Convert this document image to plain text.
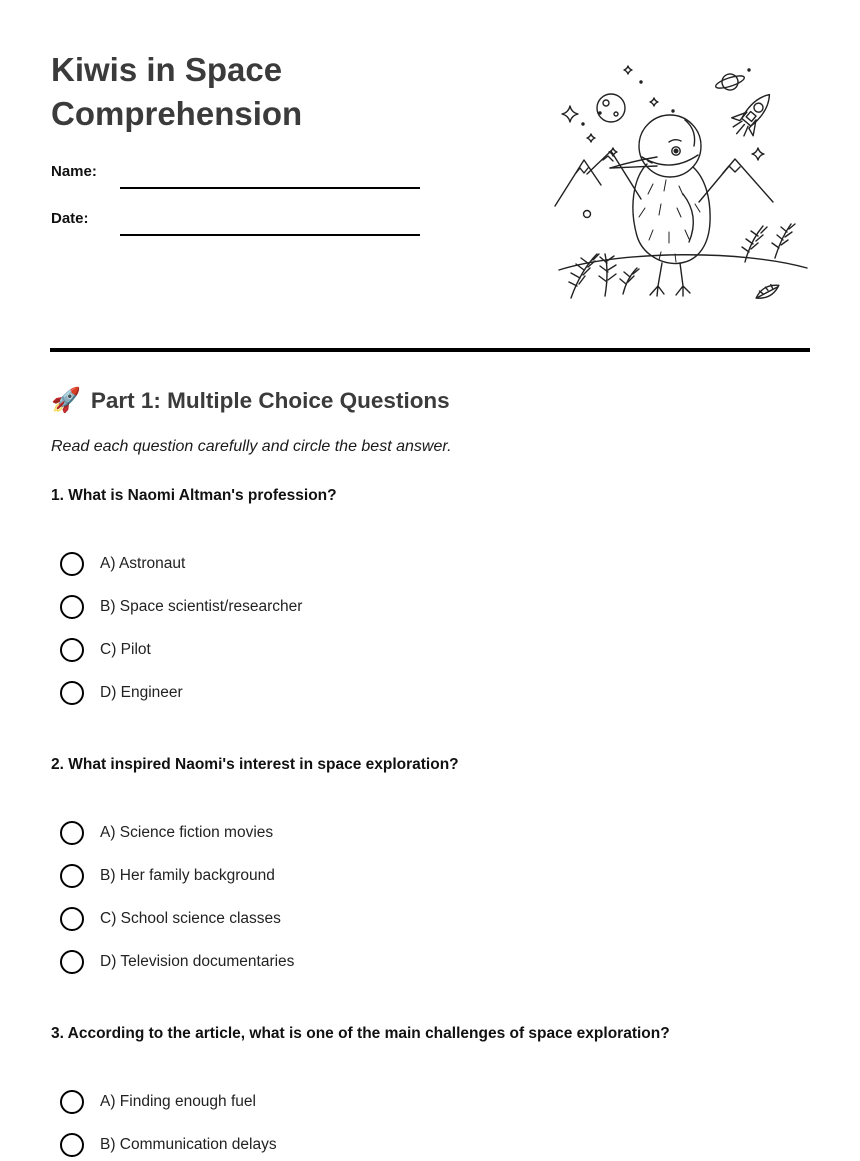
Kiwis in Space Comprehension
Name:
Date:
🚀 Part 1: Multiple Choice Questions

Read each question carefully and circle the best answer.

1. What is Naomi Altman's profession?

A) Astronaut
B) Space scientist/researcher
C) Pilot
D) Engineer

2. What inspired Naomi's interest in space exploration?

A) Science fiction movies
B) Her family background
C) School science classes
D) Television documentaries

3. According to the article, what is one of the main challenges of space exploration?

A) Finding enough fuel
B) Communication delays
